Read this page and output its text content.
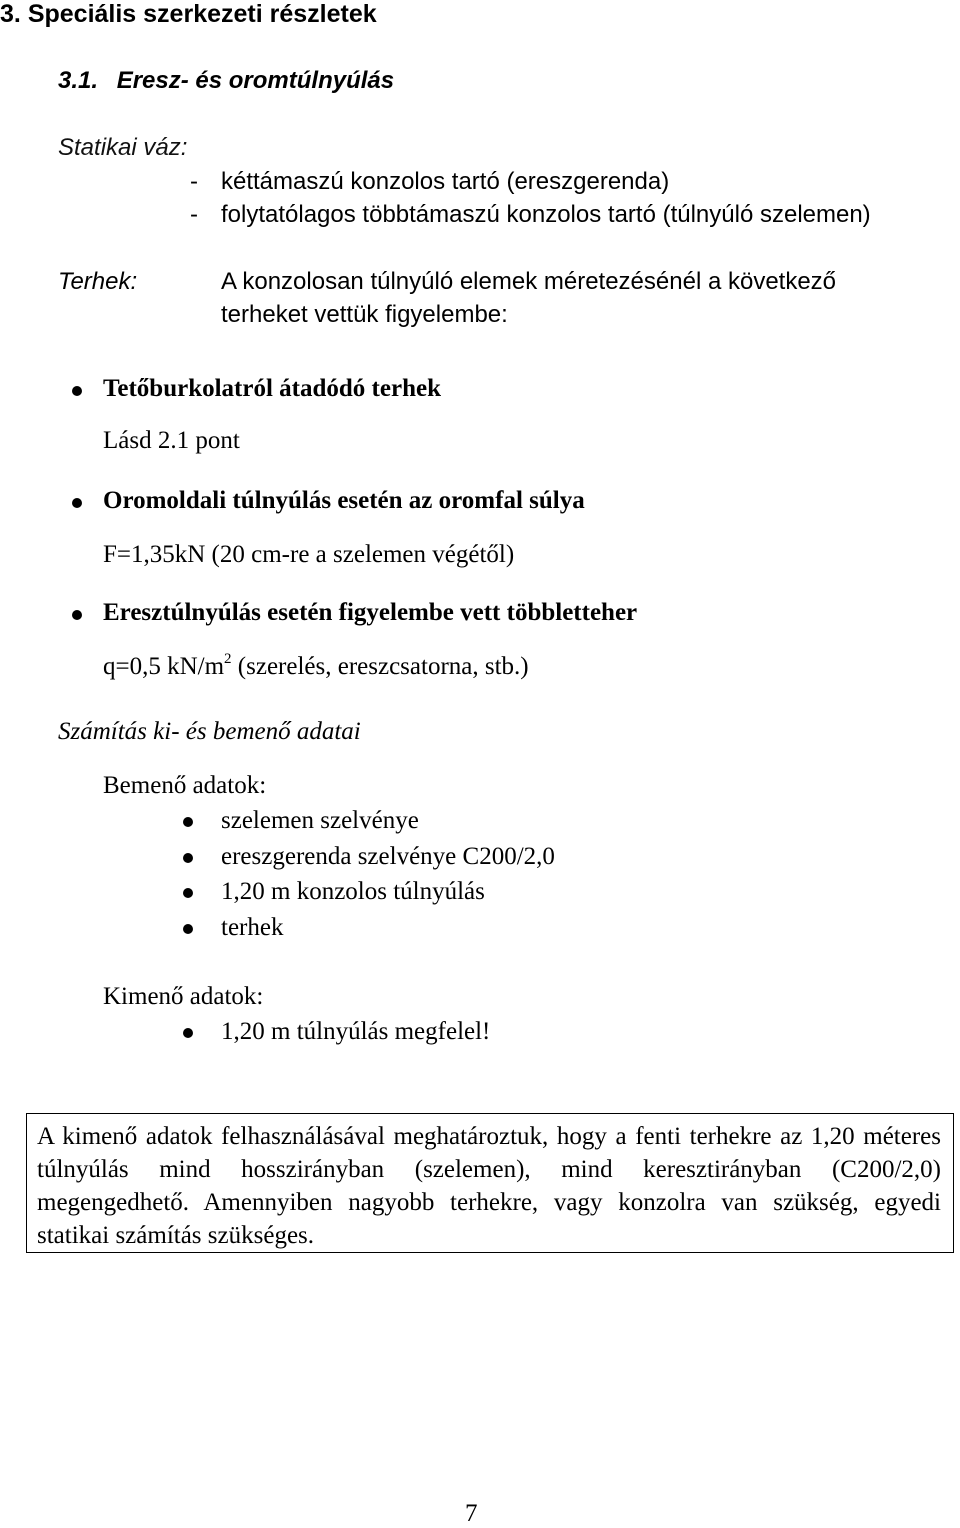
3. Speciális szerkezeti részletek
3.1. Eresz- és oromtúlnyúlás
Statikai váz:
- kéttámaszú konzolos tartó (ereszgerenda)
- folytatólagos többtámaszú konzolos tartó (túlnyúló szelemen)
Terhek:	A konzolosan túlnyúló elemek méretezésénél a következő
terheket vettük figyelembe:
Tetőburkolatról átadódó terhek
Lásd 2.1 pont
Oromoldali túlnyúlás esetén az oromfal súlya
F=1,35kN (20 cm-re a szelemen végétől)
Eresztúlnyúlás esetén figyelembe vett többletteher
q=0,5 $kN/m^2$ (szerelés, ereszcsatorna, stb.)
Számítás ki- és bemenő adatai
Bemenő adatok:
szelemen szelvénye
ereszgerenda szelvénye C200/2,0
1,20 m konzolos túlnyúlás
terhek
Kimenő adatok:
1,20 m túlnyúlás megfelel!
A kimenő adatok felhasználásával meghatároztuk, hogy a fenti terhekre az 1,20 méteres túlnyúlás mind hosszirányban (szelemen), mind keresztirányban (C200/2,0) megengedhető. Amennyiben nagyobb terhekre, vagy konzolra van szükség, egyedi statikai számítás szükséges.
7
